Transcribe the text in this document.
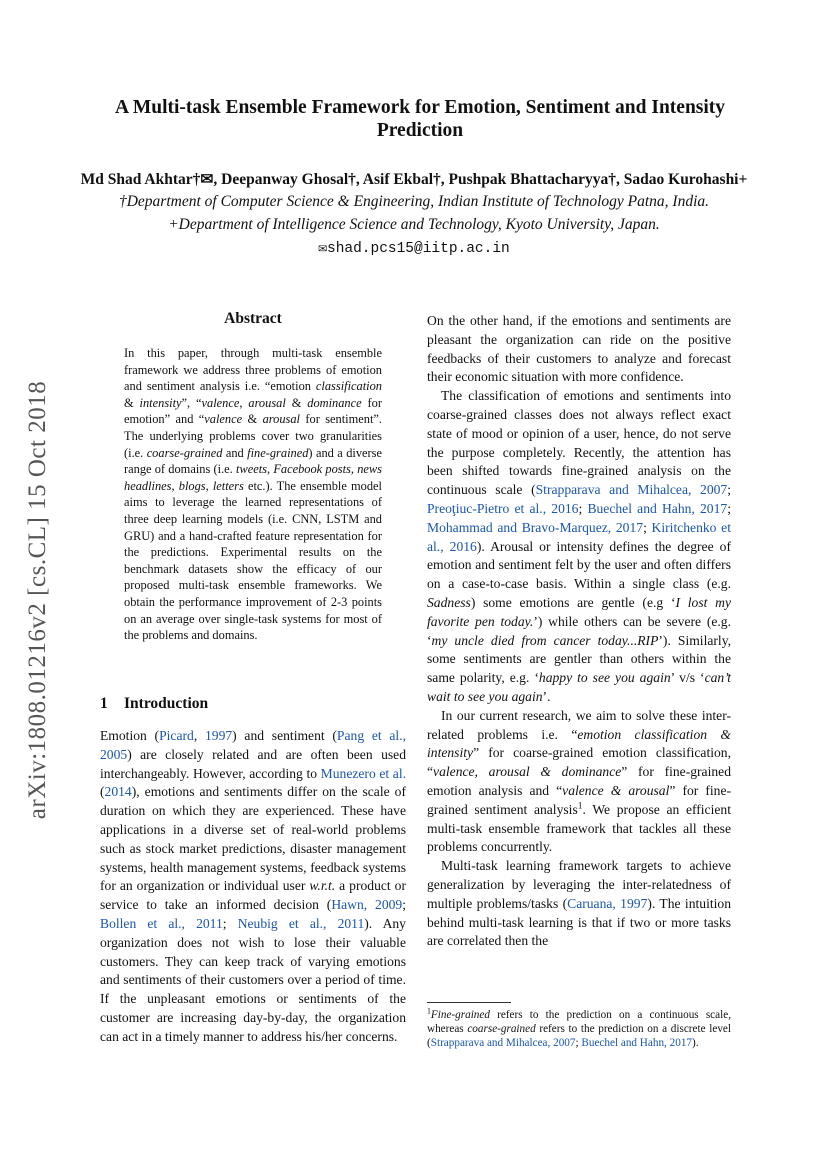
arXiv:1808.01216v2 [cs.CL] 15 Oct 2018
A Multi-task Ensemble Framework for Emotion, Sentiment and Intensity Prediction
Md Shad Akhtar†✉, Deepanway Ghosal†, Asif Ekbal†, Pushpak Bhattacharyya†, Sadao Kurohashi+
†Department of Computer Science & Engineering, Indian Institute of Technology Patna, India.
+Department of Intelligence Science and Technology, Kyoto University, Japan.
✉shad.pcs15@iitp.ac.in
Abstract
In this paper, through multi-task ensemble framework we address three problems of emotion and sentiment analysis i.e. “emotion classification & intensity”, “valence, arousal & dominance for emotion” and “valence & arousal for sentiment”. The underlying problems cover two granularities (i.e. coarse-grained and fine-grained) and a diverse range of domains (i.e. tweets, Facebook posts, news headlines, blogs, letters etc.). The ensemble model aims to leverage the learned representations of three deep learning models (i.e. CNN, LSTM and GRU) and a hand-crafted feature representation for the predictions. Experimental results on the benchmark datasets show the efficacy of our proposed multi-task ensemble frameworks. We obtain the performance improvement of 2-3 points on an average over single-task systems for most of the problems and domains.
1 Introduction

Emotion (Picard, 1997) and sentiment (Pang et al., 2005) are closely related and are often been used interchangeably. However, according to Munezero et al. (2014), emotions and sentiments differ on the scale of duration on which they are experienced. These have applications in a diverse set of real-world problems such as stock market predictions, disaster management systems, health management systems, feedback systems for an organization or individual user w.r.t. a product or service to take an informed decision (Hawn, 2009; Bollen et al., 2011; Neubig et al., 2011). Any organization does not wish to lose their valuable customers. They can keep track of varying emotions and sentiments of their customers over a period of time. If the unpleasant emotions or sentiments of the customer are increasing day-by-day, the organization can act in a timely manner to address his/her concerns.

On the other hand, if the emotions and sentiments are pleasant the organization can ride on the positive feedbacks of their customers to analyze and forecast their economic situation with more confidence.

The classification of emotions and sentiments into coarse-grained classes does not always reflect exact state of mood or opinion of a user, hence, do not serve the purpose completely. Recently, the attention has been shifted towards fine-grained analysis on the continuous scale (Strapparava and Mihalcea, 2007; Preoţiuc-Pietro et al., 2016; Buechel and Hahn, 2017; Mohammad and Bravo-Marquez, 2017; Kiritchenko et al., 2016). Arousal or intensity defines the degree of emotion and sentiment felt by the user and often differs on a case-to-case basis. Within a single class (e.g. Sadness) some emotions are gentle (e.g ‘I lost my favorite pen today.’) while others can be severe (e.g. ‘my uncle died from cancer today...RIP’). Similarly, some sentiments are gentler than others within the same polarity, e.g. ‘happy to see you again’ v/s ‘can’t wait to see you again’.

In our current research, we aim to solve these inter-related problems i.e. “emotion classification & intensity” for coarse-grained emotion classification, “valence, arousal & dominance” for fine-grained emotion analysis and “valence & arousal” for fine-grained sentiment analysis$^1$. We propose an efficient multi-task ensemble framework that tackles all these problems concurrently.

Multi-task learning framework targets to achieve generalization by leveraging the inter-relatedness of multiple problems/tasks (Caruana, 1997). The intuition behind multi-task learning is that if two or more tasks are correlated then the

$^1$Fine-grained refers to the prediction on a continuous scale, whereas coarse-grained refers to the prediction on a discrete level (Strapparava and Mihalcea, 2007; Buechel and Hahn, 2017).
